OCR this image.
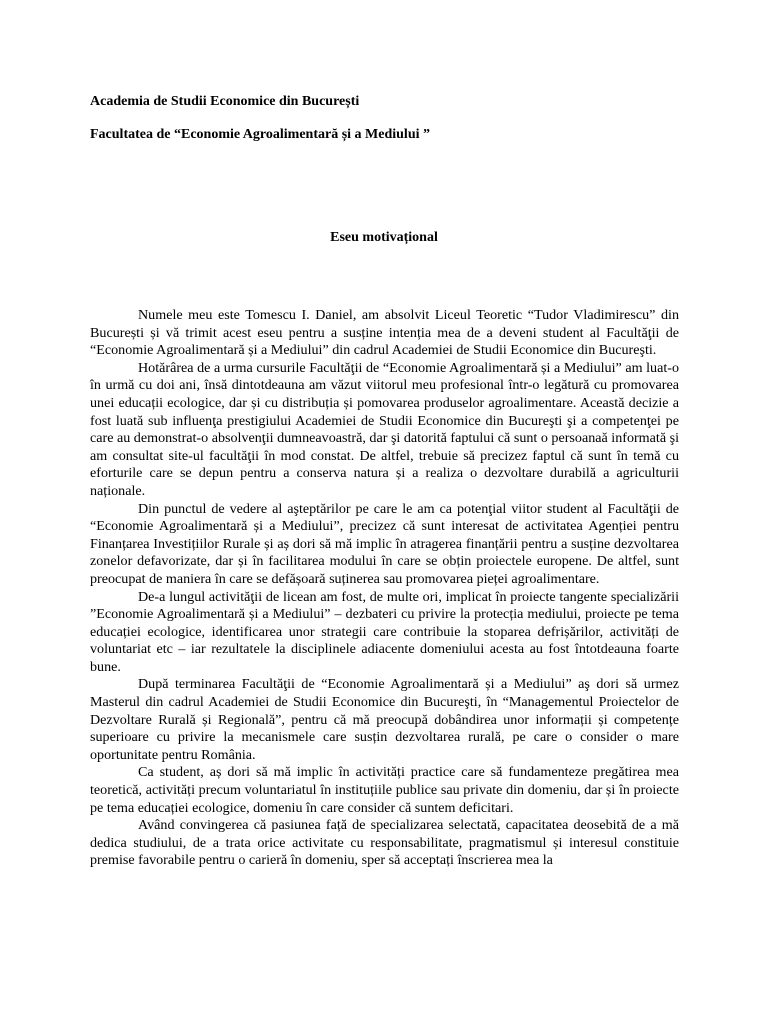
Academia de Studii Economice din București
Facultatea de “Economie Agroalimentară și a Mediului ”
Eseu motivațional

Numele meu este Tomescu I. Daniel, am absolvit Liceul Teoretic “Tudor Vladimirescu” din București și vă trimit acest eseu pentru a susține intenția mea de a deveni student al Facultăţii de “Economie Agroalimentară și a Mediului” din cadrul Academiei de Studii Economice din Bucureşti.

Hotărârea de a urma cursurile Facultăţii de “Economie Agroalimentară și a Mediului” am luat-o în urmă cu doi ani, însă dintotdeauna am văzut viitorul meu profesional într-o legătură cu promovarea unei educații ecologice, dar și cu distribuția și pomovarea produselor agroalimentare. Această decizie a fost luată sub influenţa prestigiului Academiei de Studii Economice din Bucureşti şi a competenţei pe care au demonstrat-o absolvenţii dumneavoastră, dar şi datorită faptului că sunt o persoanaă informată şi am consultat site-ul facultăţii în mod constat. De altfel, trebuie să precizez faptul că sunt în temă cu eforturile care se depun pentru a conserva natura și a realiza o dezvoltare durabilă a agriculturii naționale.

Din punctul de vedere al aşteptărilor pe care le am ca potenţial viitor student al Facultăţii de “Economie Agroalimentară și a Mediului”, precizez că sunt interesat de activitatea Agenției pentru Finanțarea Investițiilor Rurale și aș dori să mă implic în atragerea finanțării pentru a susține dezvoltarea zonelor defavorizate, dar și în facilitarea modului în care se obțin proiectele europene. De altfel, sunt preocupat de maniera în care se defășoară suținerea sau promovarea pieței agroalimentare.

De-a lungul activităţii de licean am fost, de multe ori, implicat în proiecte tangente specializării ”Economie Agroalimentară și a Mediului” – dezbateri cu privire la protecția mediului, proiecte pe tema educației ecologice, identificarea unor strategii care contribuie la stoparea defrișărilor, activități de voluntariat etc – iar rezultatele la disciplinele adiacente domeniului acesta au fost întotdeauna foarte bune.

După terminarea Facultăţii de “Economie Agroalimentară și a Mediului” aş dori să urmez Masterul din cadrul Academiei de Studii Economice din Bucureşti, în “Managementul Proiectelor de Dezvoltare Rurală și Regională”, pentru că mă preocupă dobândirea unor informații și competențe superioare cu privire la mecanismele care susțin dezvoltarea rurală, pe care o consider o mare oportunitate pentru România.

Ca student, aș dori să mă implic în activități practice care să fundamenteze pregătirea mea teoretică, activități precum voluntariatul în instituțiile publice sau private din domeniu, dar și în proiecte pe tema educației ecologice, domeniu în care consider că suntem deficitari.

Având convingerea că pasiunea față de specializarea selectată, capacitatea deosebită de a mă dedica studiului, de a trata orice activitate cu responsabilitate, pragmatismul și interesul constituie premise favorabile pentru o carieră în domeniu, sper să acceptați înscrierea mea la
